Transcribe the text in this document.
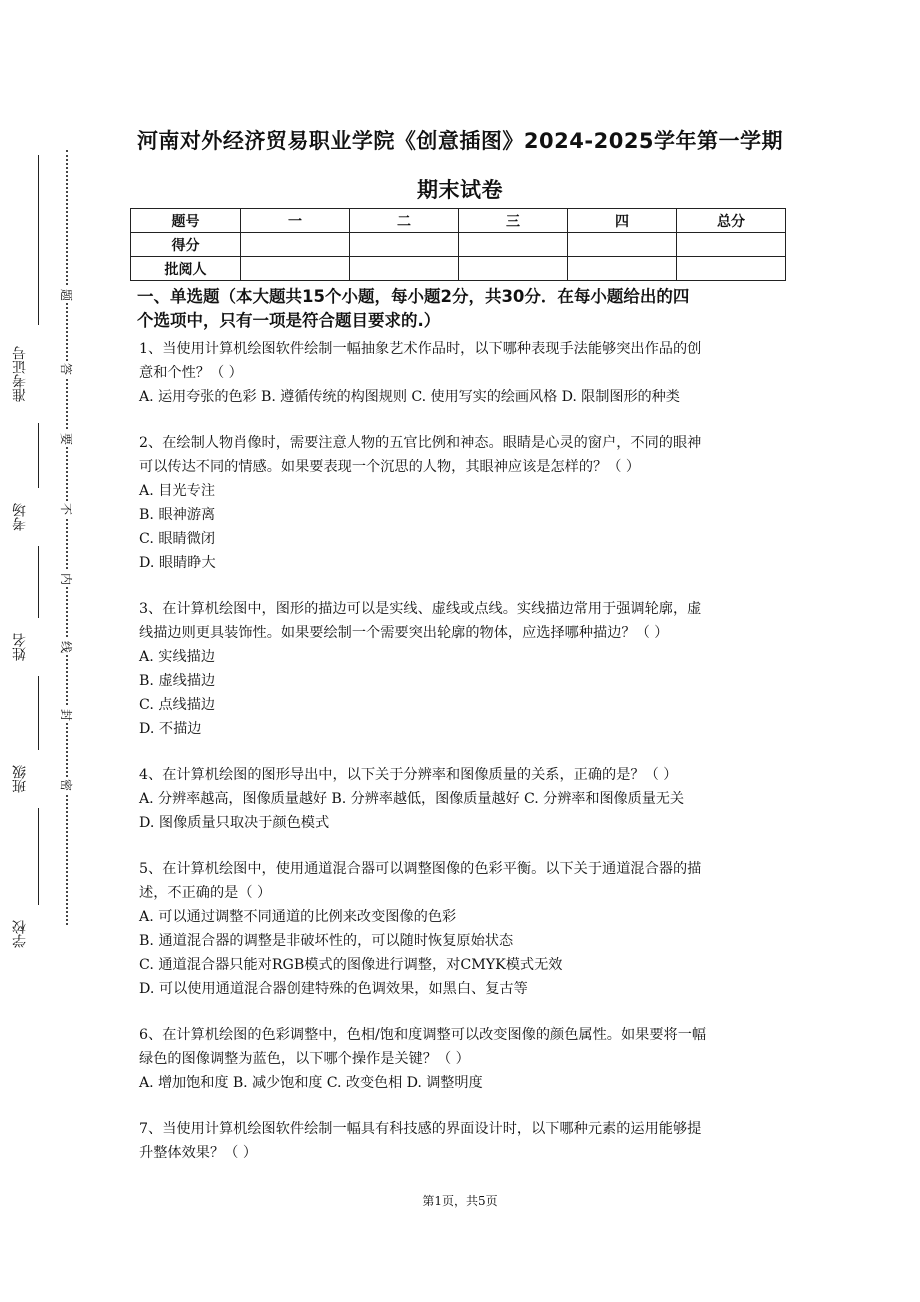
准考证号
考场
姓名
班级
学校
题
答
要
不
内
线
封
密
河南对外经济贸易职业学院《创意插图》2024-2025学年第一学期
期末试卷
题号	一	二	三	四	总分
得分					
批阅人					
一、单选题（本大题共15个小题，每小题2分，共30分．在每小题给出的四
个选项中，只有一项是符合题目要求的.）

1、当使用计算机绘图软件绘制一幅抽象艺术作品时，以下哪种表现手法能够突出作品的创

意和个性？（ ）

A. 运用夸张的色彩 B. 遵循传统的构图规则 C. 使用写实的绘画风格 D. 限制图形的种类

2、在绘制人物肖像时，需要注意人物的五官比例和神态。眼睛是心灵的窗户，不同的眼神

可以传达不同的情感。如果要表现一个沉思的人物，其眼神应该是怎样的？（ ）

A. 目光专注

B. 眼神游离

C. 眼睛微闭

D. 眼睛睁大

3、在计算机绘图中，图形的描边可以是实线、虚线或点线。实线描边常用于强调轮廓，虚

线描边则更具装饰性。如果要绘制一个需要突出轮廓的物体，应选择哪种描边？（ ）

A. 实线描边

B. 虚线描边

C. 点线描边

D. 不描边

4、在计算机绘图的图形导出中，以下关于分辨率和图像质量的关系，正确的是？（ ）

A. 分辨率越高，图像质量越好 B. 分辨率越低，图像质量越好 C. 分辨率和图像质量无关

D. 图像质量只取决于颜色模式

5、在计算机绘图中，使用通道混合器可以调整图像的色彩平衡。以下关于通道混合器的描

述，不正确的是（ ）

A. 可以通过调整不同通道的比例来改变图像的色彩

B. 通道混合器的调整是非破坏性的，可以随时恢复原始状态

C. 通道混合器只能对RGB模式的图像进行调整，对CMYK模式无效

D. 可以使用通道混合器创建特殊的色调效果，如黑白、复古等

6、在计算机绘图的色彩调整中，色相/饱和度调整可以改变图像的颜色属性。如果要将一幅

绿色的图像调整为蓝色，以下哪个操作是关键？（ ）

A. 增加饱和度 B. 减少饱和度 C. 改变色相 D. 调整明度

7、当使用计算机绘图软件绘制一幅具有科技感的界面设计时，以下哪种元素的运用能够提

升整体效果？（ ）

第1页，共5页
